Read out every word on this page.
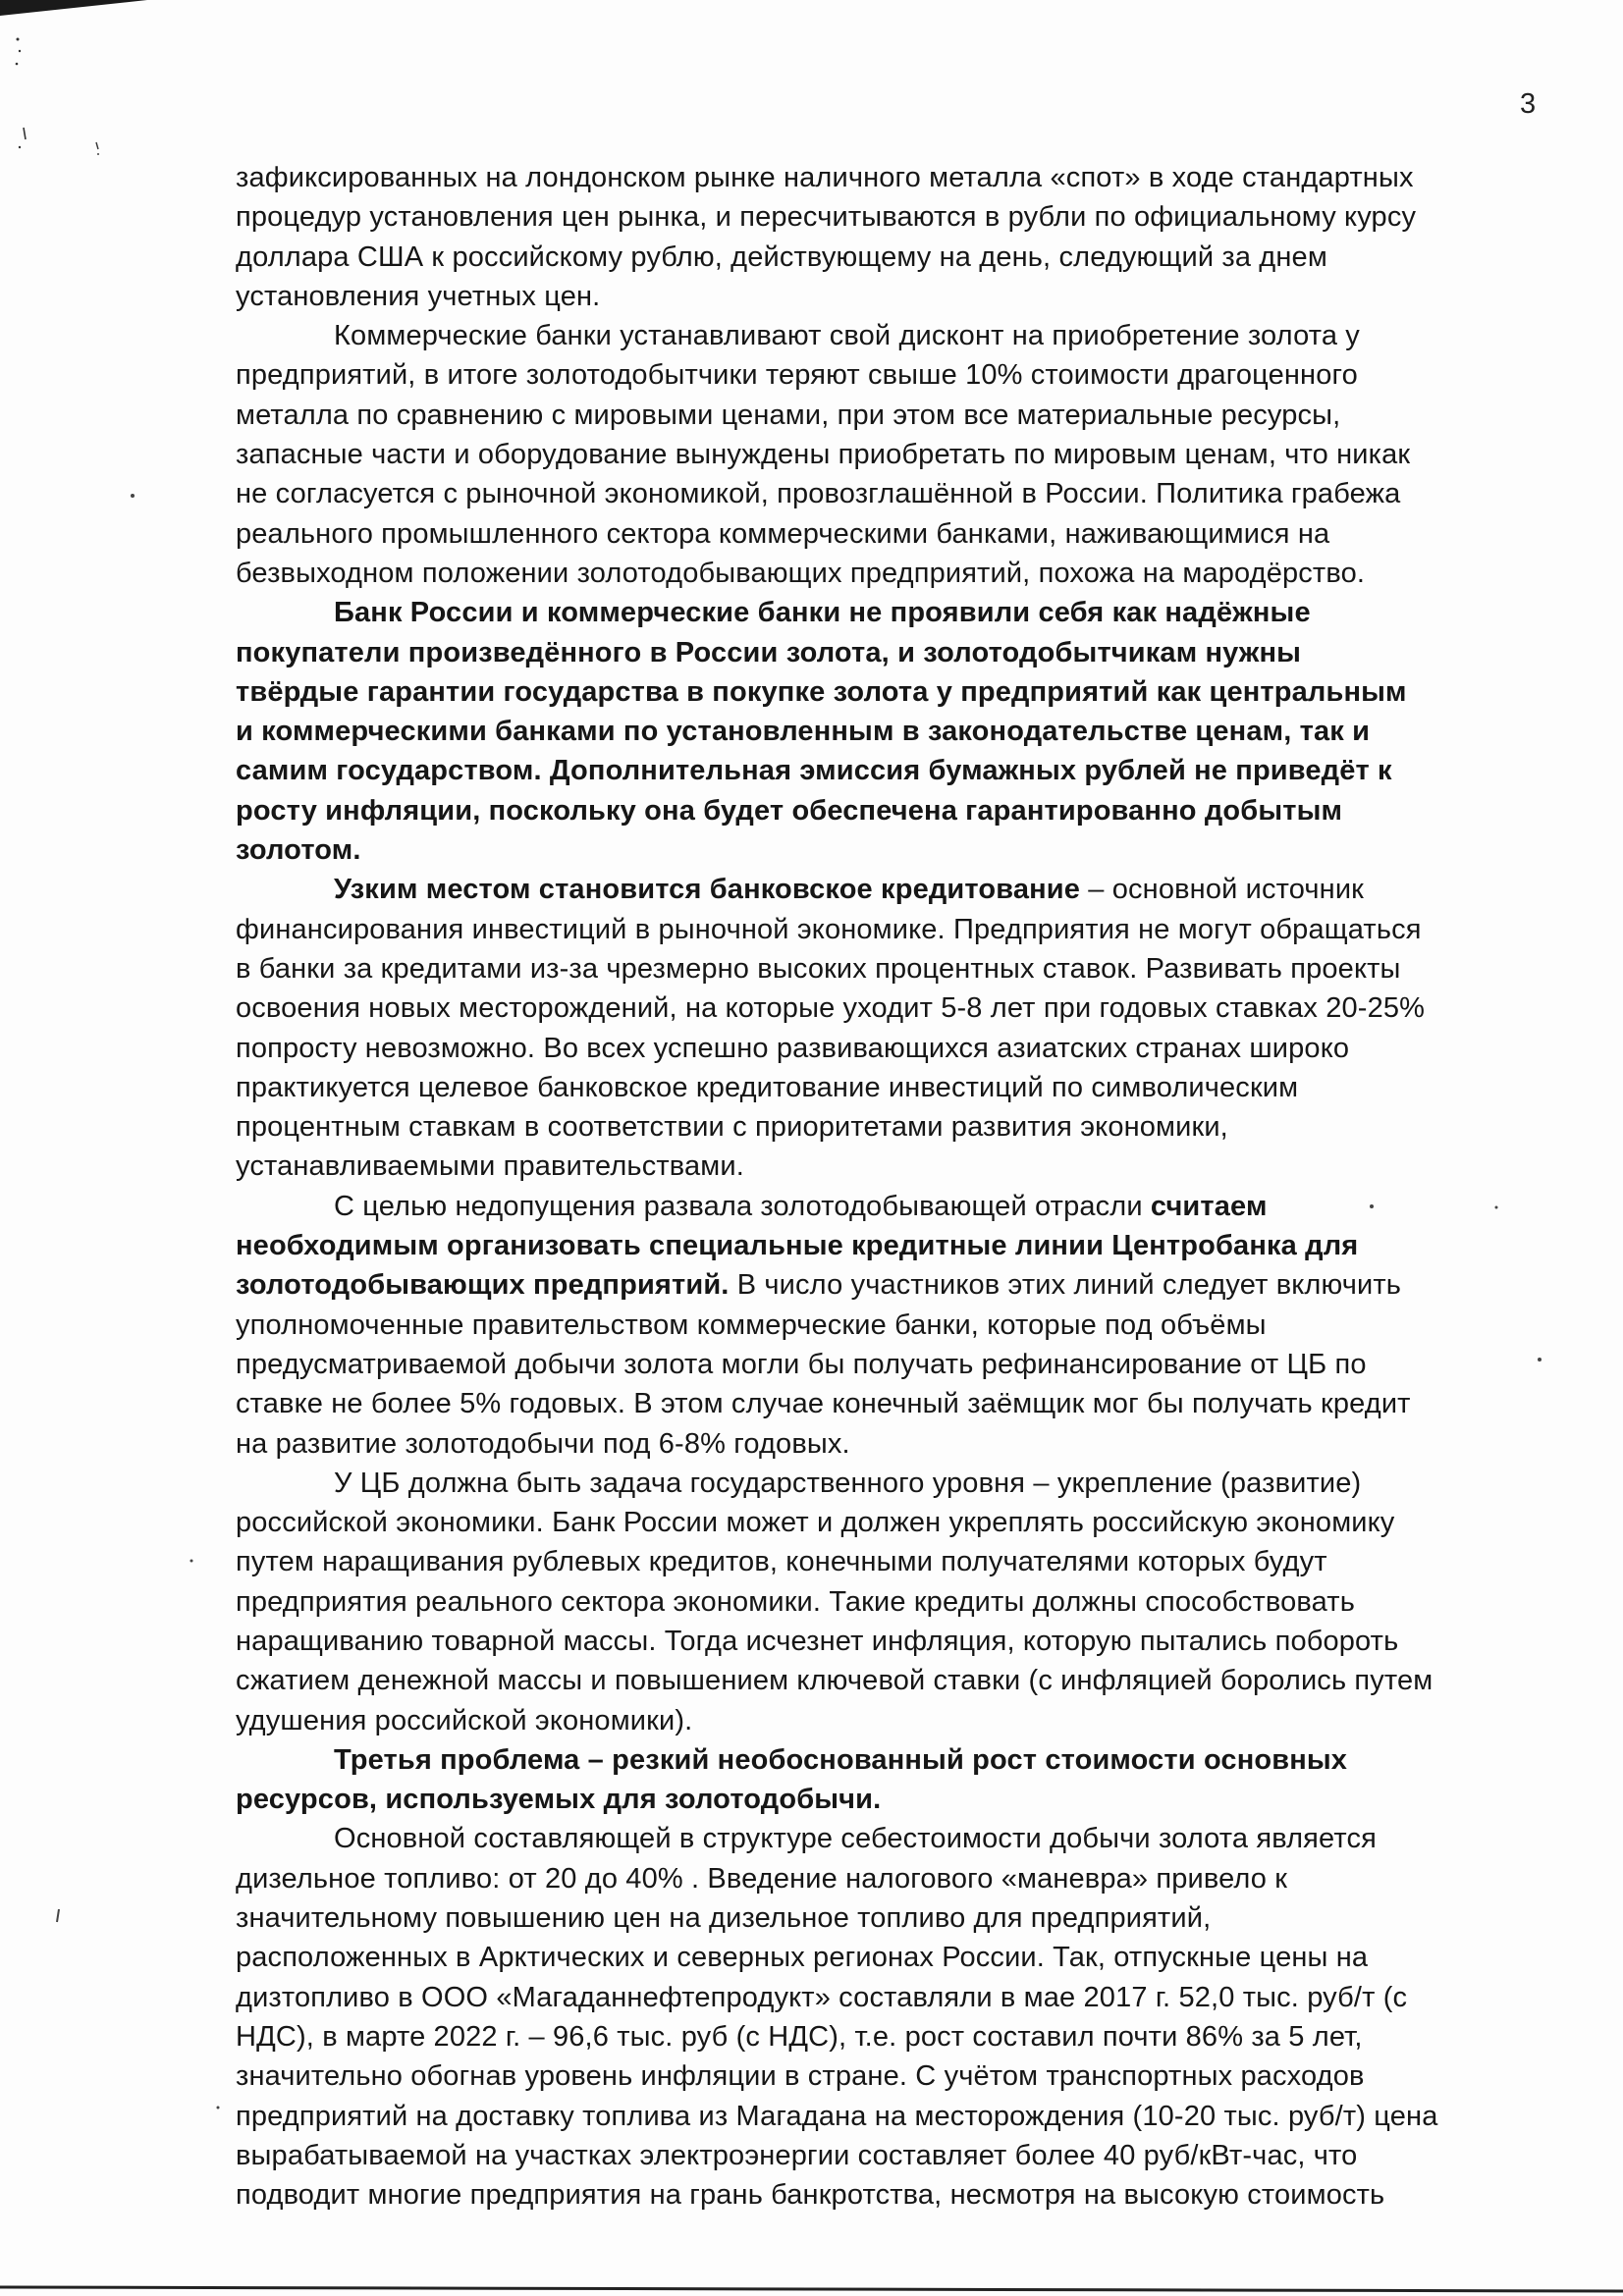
3
зафиксированных на лондонском рынке наличного металла «спот» в ходе стандартных
процедур установления цен рынка, и пересчитываются в рубли по официальному курсу
доллара США к российскому рублю, действующему на день, следующий за днем
установления учетных цен.
Коммерческие банки устанавливают свой дисконт на приобретение золота у
предприятий, в итоге золотодобытчики теряют свыше 10% стоимости драгоценного
металла по сравнению с мировыми ценами, при этом все материальные ресурсы,
запасные части и оборудование вынуждены приобретать по мировым ценам, что никак
не согласуется с рыночной экономикой, провозглашённой в России. Политика грабежа
реального промышленного сектора коммерческими банками, наживающимися на
безвыходном положении золотодобывающих предприятий, похожа на мародёрство.
Банк России и коммерческие банки не проявили себя как надёжные
покупатели произведённого в России золота, и золотодобытчикам нужны
твёрдые гарантии государства в покупке золота у предприятий как центральным
и коммерческими банками по установленным в законодательстве ценам, так и
самим государством. Дополнительная эмиссия бумажных рублей не приведёт к
росту инфляции, поскольку она будет обеспечена гарантированно добытым
золотом.
Узким местом становится банковское кредитование – основной источник
финансирования инвестиций в рыночной экономике. Предприятия не могут обращаться
в банки за кредитами из-за чрезмерно высоких процентных ставок. Развивать проекты
освоения новых месторождений, на которые уходит 5-8 лет при годовых ставках 20-25%
попросту невозможно. Во всех успешно развивающихся азиатских странах широко
практикуется целевое банковское кредитование инвестиций по символическим
процентным ставкам в соответствии с приоритетами развития экономики,
устанавливаемыми правительствами.
С целью недопущения развала золотодобывающей отрасли считаем
необходимым организовать специальные кредитные линии Центробанка для
золотодобывающих предприятий. В число участников этих линий следует включить
уполномоченные правительством коммерческие банки, которые под объёмы
предусматриваемой добычи золота могли бы получать рефинансирование от ЦБ по
ставке не более 5% годовых. В этом случае конечный заёмщик мог бы получать кредит
на развитие золотодобычи под 6-8% годовых.
У ЦБ должна быть задача государственного уровня – укрепление (развитие)
российской экономики. Банк России может и должен укреплять российскую экономику
путем наращивания рублевых кредитов, конечными получателями которых будут
предприятия реального сектора экономики. Такие кредиты должны способствовать
наращиванию товарной массы. Тогда исчезнет инфляция, которую пытались побороть
сжатием денежной массы и повышением ключевой ставки (с инфляцией боролись путем
удушения российской экономики).
Третья проблема – резкий необоснованный рост стоимости основных
ресурсов, используемых для золотодобычи.
Основной составляющей в структуре себестоимости добычи золота является
дизельное топливо: от 20 до 40% . Введение налогового «маневра» привело к
значительному повышению цен на дизельное топливо для предприятий,
расположенных в Арктических и северных регионах России. Так, отпускные цены на
дизтопливо в ООО «Магаданнефтепродукт» составляли в мае 2017 г. 52,0 тыс. руб/т (с
НДС), в марте 2022 г. – 96,6 тыс. руб (с НДС), т.е. рост составил почти 86% за 5 лет,
значительно обогнав уровень инфляции в стране. С учётом транспортных расходов
предприятий на доставку топлива из Магадана на месторождения (10-20 тыс. руб/т) цена
вырабатываемой на участках электроэнергии составляет более 40 руб/кВт-час, что
подводит многие предприятия на грань банкротства, несмотря на высокую стоимость
